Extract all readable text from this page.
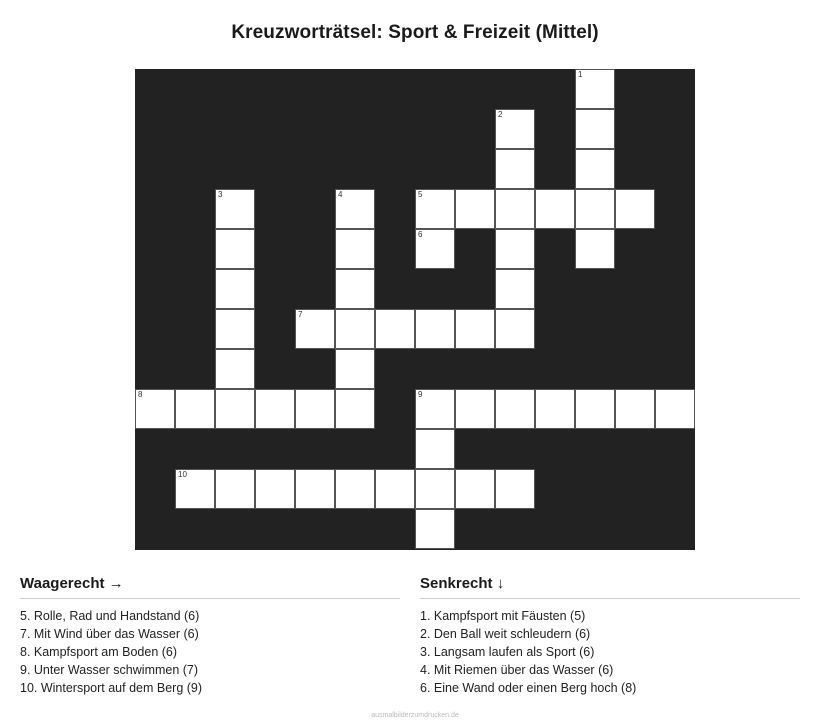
Kreuzworträtsel: Sport & Freizeit (Mittel)
1
2
3	4	5
6
7
8	9
10
Waagerecht →
5. Rolle, Rad und Handstand (6)
7. Mit Wind über das Wasser (6)
8. Kampfsport am Boden (6)
9. Unter Wasser schwimmen (7)
10. Wintersport auf dem Berg (9)
Senkrecht ↓
1. Kampfsport mit Fäusten (5)
2. Den Ball weit schleudern (6)
3. Langsam laufen als Sport (6)
4. Mit Riemen über das Wasser (6)
6. Eine Wand oder einen Berg hoch (8)
ausmalbilderzumdrucken.de
